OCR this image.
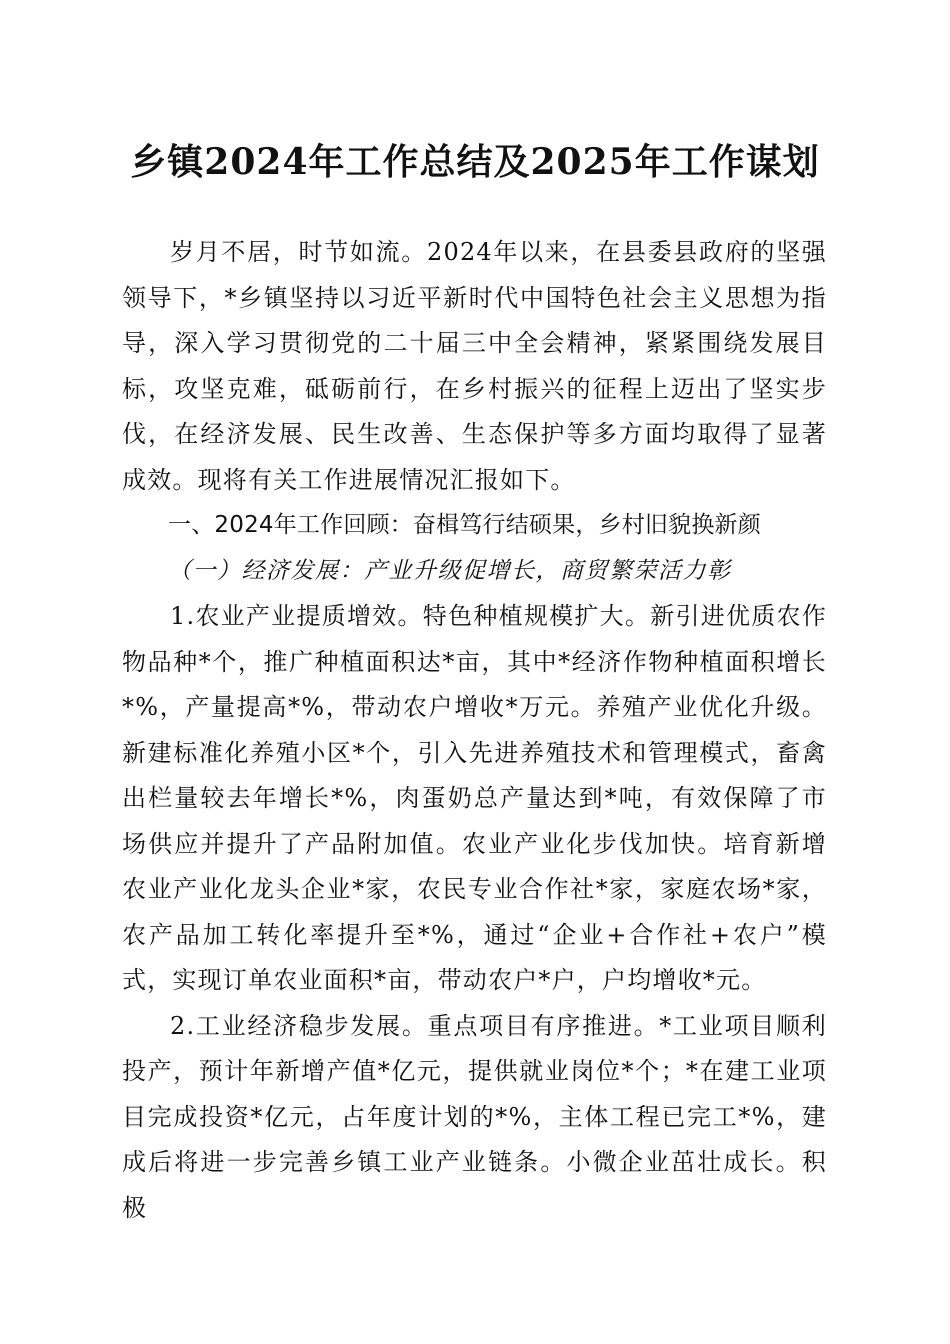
乡镇2024年工作总结及2025年工作谋划

岁月不居，时节如流。2024年以来，在县委县政府的坚强领导下，*乡镇坚持以习近平新时代中国特色社会主义思想为指导，深入学习贯彻党的二十届三中全会精神，紧紧围绕发展目标，攻坚克难，砥砺前行，在乡村振兴的征程上迈出了坚实步伐，在经济发展、民生改善、生态保护等多方面均取得了显著成效。现将有关工作进展情况汇报如下。

一、2024年工作回顾：奋楫笃行结硕果，乡村旧貌换新颜

（一）经济发展：产业升级促增长，商贸繁荣活力彰

1.农业产业提质增效。特色种植规模扩大。新引进优质农作物品种*个，推广种植面积达*亩，其中*经济作物种植面积增长*%，产量提高*%，带动农户增收*万元。养殖产业优化升级。新建标准化养殖小区*个，引入先进养殖技术和管理模式，畜禽出栏量较去年增长*%，肉蛋奶总产量达到*吨，有效保障了市场供应并提升了产品附加值。农业产业化步伐加快。培育新增农业产业化龙头企业*家，农民专业合作社*家，家庭农场*家，农产品加工转化率提升至*%，通过“企业+合作社+农户”模式，实现订单农业面积*亩，带动农户*户，户均增收*元。

2.工业经济稳步发展。重点项目有序推进。*工业项目顺利投产，预计年新增产值*亿元，提供就业岗位*个；*在建工业项目完成投资*亿元，占年度计划的*%，主体工程已完工*%，建成后将进一步完善乡镇工业产业链条。小微企业茁壮成长。积极
